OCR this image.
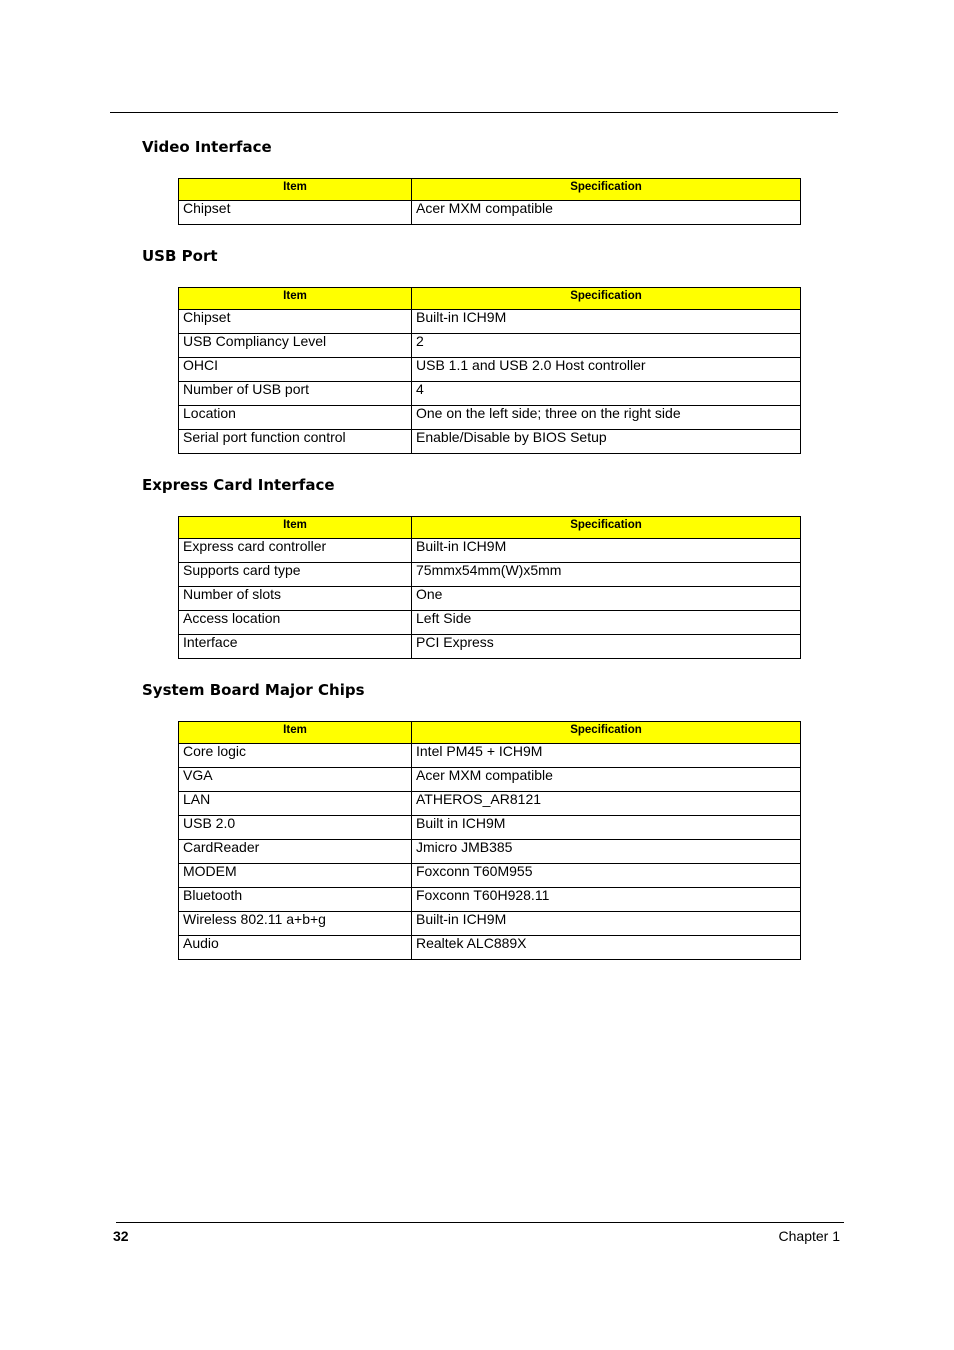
Video Interface
Item	Specification
Chipset	Acer MXM compatible
USB Port
Item	Specification
Chipset	Built-in ICH9M
USB Compliancy Level	2
OHCI	USB 1.1 and USB 2.0 Host controller
Number of USB port	4
Location	One on the left side; three on the right side
Serial port function control	Enable/Disable by BIOS Setup
Express Card Interface
Item	Specification
Express card controller	Built-in ICH9M
Supports card type	75mmx54mm(W)x5mm
Number of slots	One
Access location	Left Side
Interface	PCI Express
System Board Major Chips
Item	Specification
Core logic	Intel PM45 + ICH9M
VGA	Acer MXM compatible
LAN	ATHEROS_AR8121
USB 2.0	Built in ICH9M
CardReader	Jmicro JMB385
MODEM	Foxconn T60M955
Bluetooth	Foxconn T60H928.11
Wireless 802.11 a+b+g	Built-in ICH9M
Audio	Realtek ALC889X
32	Chapter 1
